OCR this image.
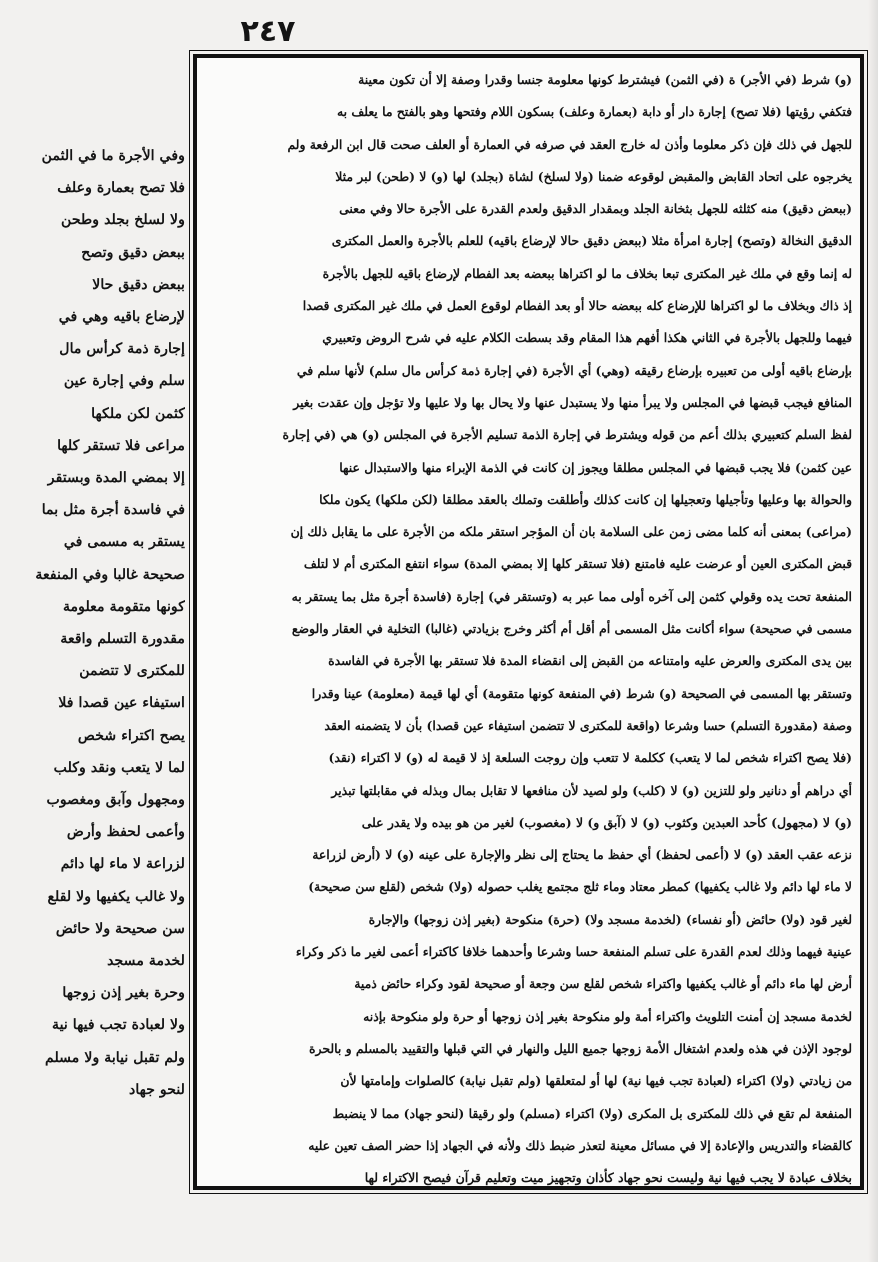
٢٤٧
(و) شرط (في الأجر) ة (في الثمن) فيشترط كونها معلومة جنسا وقدرا وصفة إلا أن تكون معينة
فتكفي رؤيتها (فلا تصح) إجارة دار أو دابة (بعمارة وعلف) بسكون اللام وفتحها وهو بالفتح ما يعلف به
للجهل في ذلك فإن ذكر معلوما وأذن له خارج العقد في صرفه في العمارة أو العلف صحت قال ابن الرفعة ولم
يخرجوه على اتحاد القابض والمقبض لوقوعه ضمنا (ولا لسلخ) لشاة (بجلد) لها (و) لا (طحن) لبر مثلا
(ببعض دقيق) منه كثلثه للجهل بثخانة الجلد وبمقدار الدقيق ولعدم القدرة على الأجرة حالا وفي معنى
الدقيق النخالة (وتصح) إجارة امرأة مثلا (ببعض دقيق حالا لإرضاع باقيه) للعلم بالأجرة والعمل المكترى
له إنما وقع في ملك غير المكترى تبعا بخلاف ما لو اكتراها ببعضه بعد الفطام لإرضاع باقيه للجهل بالأجرة
إذ ذاك وبخلاف ما لو اكتراها للإرضاع كله ببعضه حالا أو بعد الفطام لوقوع العمل في ملك غير المكترى قصدا
فيهما وللجهل بالأجرة في الثاني هكذا أفهم هذا المقام وقد بسطت الكلام عليه في شرح الروض وتعبيري
بإرضاع باقيه أولى من تعبيره بإرضاع رقيقه (وهي) أي الأجرة (في إجارة ذمة كرأس مال سلم) لأنها سلم في
المنافع فيجب قبضها في المجلس ولا يبرأ منها ولا يستبدل عنها ولا يحال بها ولا عليها ولا تؤجل وإن عقدت بغير
لفظ السلم كتعبيري بذلك أعم من قوله ويشترط في إجارة الذمة تسليم الأجرة في المجلس (و) هي (في إجارة
عين كثمن) فلا يجب قبضها في المجلس مطلقا ويجوز إن كانت في الذمة الإبراء منها والاستبدال عنها
والحوالة بها وعليها وتأجيلها وتعجيلها إن كانت كذلك وأطلقت وتملك بالعقد مطلقا (لكن ملكها) يكون ملكا
(مراعى) بمعنى أنه كلما مضى زمن على السلامة بان أن المؤجر استقر ملكه من الأجرة على ما يقابل ذلك إن
قبض المكترى العين أو عرضت عليه فامتنع (فلا تستقر كلها إلا بمضي المدة) سواء انتفع المكترى أم لا لتلف
المنفعة تحت يده وقولي كثمن إلى آخره أولى مما عبر به (وتستقر في) إجارة (فاسدة أجرة مثل بما يستقر به
مسمى في صحيحة) سواء أكانت مثل المسمى أم أقل أم أكثر وخرج بزيادتي (غالبا) التخلية في العقار والوضع
بين يدى المكترى والعرض عليه وامتناعه من القبض إلى انقضاء المدة فلا تستقر بها الأجرة في الفاسدة
وتستقر بها المسمى في الصحيحة (و) شرط (في المنفعة كونها متقومة) أي لها قيمة (معلومة) عينا وقدرا
وصفة (مقدورة التسلم) حسا وشرعا (واقعة للمكترى لا تتضمن استيفاء عين قصدا) بأن لا يتضمنه العقد
(فلا يصح اكتراء شخص لما لا يتعب) ككلمة لا تتعب وإن روجت السلعة إذ لا قيمة له (و) لا اكتراء (نقد)
أي دراهم أو دنانير ولو للتزين (و) لا (كلب) ولو لصيد لأن منافعها لا تقابل بمال وبذله في مقابلتها تبذير
(و) لا (مجهول) كأحد العبدين وكثوب (و) لا (آبق و) لا (مغصوب) لغير من هو بيده ولا يقدر على
نزعه عقب العقد (و) لا (أعمى لحفظ) أي حفظ ما يحتاج إلى نظر والإجارة على عينه (و) لا (أرض لزراعة
لا ماء لها دائم ولا غالب يكفيها) كمطر معتاد وماء ثلج مجتمع يغلب حصوله (ولا) شخص (لقلع سن صحيحة)
لغير قود (ولا) حائض (أو نفساء) (لخدمة مسجد ولا) (حرة) منكوحة (بغير إذن زوجها) والإجارة
عينية فيهما وذلك لعدم القدرة على تسلم المنفعة حسا وشرعا وأحدهما خلافا كاكتراء أعمى لغير ما ذكر وكراء
أرض لها ماء دائم أو غالب يكفيها واكتراء شخص لقلع سن وجعة أو صحيحة لقود وكراء حائض ذمية
لخدمة مسجد إن أمنت التلويث واكتراء أمة ولو منكوحة بغير إذن زوجها أو حرة ولو منكوحة بإذنه
لوجود الإذن في هذه ولعدم اشتغال الأمة زوجها جميع الليل والنهار في التي قبلها والتقييد بالمسلم و بالحرة
من زيادتي (ولا) اكتراء (لعبادة تجب فيها نية) لها أو لمتعلقها (ولم تقبل نيابة) كالصلوات وإمامتها لأن
المنفعة لم تقع في ذلك للمكترى بل المكرى (ولا) اكتراء (مسلم) ولو رقيقا (لنحو جهاد) مما لا ينضبط
كالقضاء والتدريس والإعادة إلا في مسائل معينة لتعذر ضبط ذلك ولأنه في الجهاد إذا حضر الصف تعين عليه
بخلاف عبادة لا يجب فيها نية وليست نحو جهاد كأذان وتجهيز ميت وتعليم قرآن فيصح الاكتراء لها
وفي الأجرة ما في الثمن
فلا تصح بعمارة وعلف
ولا لسلخ بجلد وطحن
ببعض دقيق وتصح
ببعض دقيق حالا
لإرضاع باقيه وهي في
إجارة ذمة كرأس مال
سلم وفي إجارة عين
كثمن لكن ملكها
مراعى فلا تستقر كلها
إلا بمضي المدة وبستقر
في فاسدة أجرة مثل بما
يستقر به مسمى في
صحيحة غالبا وفي المنفعة
كونها متقومة معلومة
مقدورة التسلم واقعة
للمكترى لا تتضمن
استيفاء عين قصدا فلا
يصح اكتراء شخص
لما لا يتعب ونقد وكلب
ومجهول وآبق ومغصوب
وأعمى لحفظ وأرض
لزراعة لا ماء لها دائم
ولا غالب يكفيها ولا لقلع
سن صحيحة ولا حائض
لخدمة مسجد
وحرة بغير إذن زوجها
ولا لعبادة تجب فيها نية
ولم تقبل نيابة ولا مسلم
لنحو جهاد
